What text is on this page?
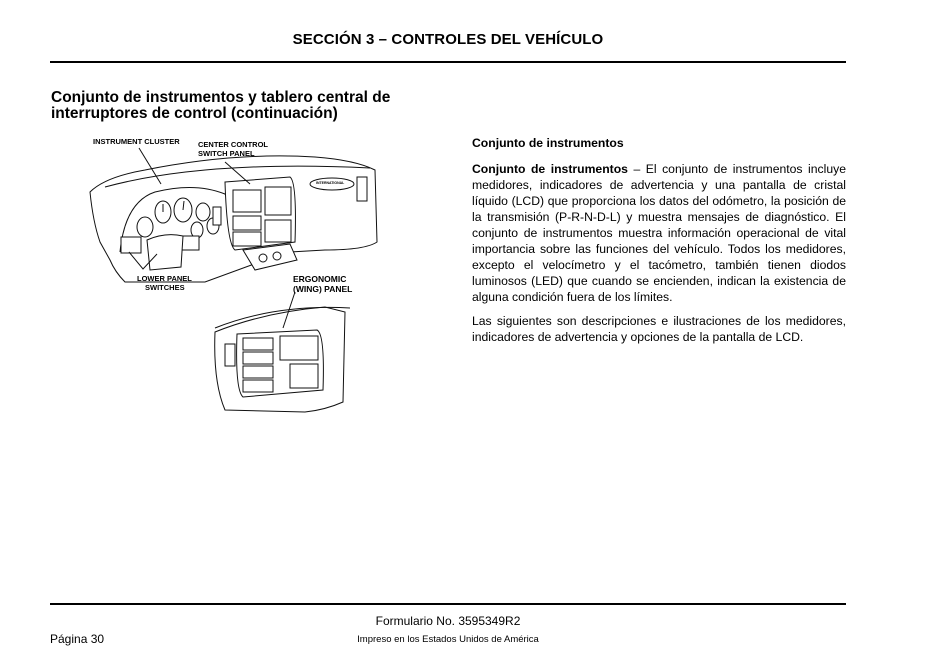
SECCIÓN 3 – CONTROLES DEL VEHÍCULO
Conjunto de instrumentos y tablero central de interruptores de control (continuación)
INSTRUMENT CLUSTER CENTER CONTROL
SWITCH PANEL
LOWER PANEL
SWITCHES
ERGONOMIC
(WING) PANEL
INTERNATIONAL
Conjunto de instrumentos

Conjunto de instrumentos – El conjunto de instrumentos incluye medidores, indicadores de advertencia y una pantalla de cristal líquido (LCD) que proporciona los datos del odómetro, la posición de la transmisión (P-R-N-D-L) y muestra mensajes de diagnóstico. El conjunto de instrumentos muestra información operacional de vital importancia sobre las funciones del vehículo. Todos los medidores, excepto el velocímetro y el tacómetro, también tienen diodos luminosos (LED) que cuando se encienden, indican la existencia de alguna condición fuera de los límites.

Las siguientes son descripciones e ilustraciones de los medidores, indicadores de advertencia y opciones de la pantalla de LCD.

Formulario No. 3595349R2
Página 30	Impreso en los Estados Unidos de América
